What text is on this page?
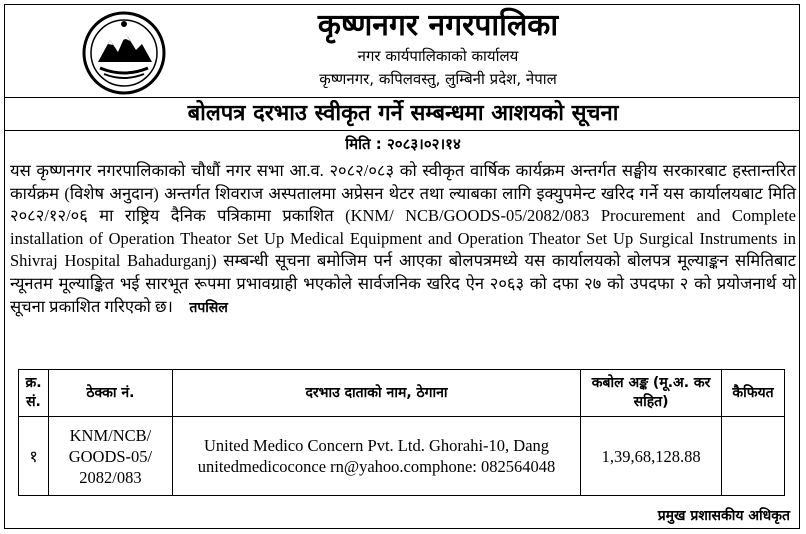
कृष्णनगर नगरपालिका
नगर कार्यपालिकाको कार्यालय
कृष्णनगर, कपिलवस्तु, लुम्बिनी प्रदेश, नेपाल
बोलपत्र दरभाउ स्वीकृत गर्ने सम्बन्धमा आशयको सूचना
मिति : २०८३।०२।१४
यस कृष्णनगर नगरपालिकाको चौधौं नगर सभा आ.व. २०८२/०८३ को स्वीकृत वार्षिक कार्यक्रम अन्तर्गत सङ्घीय सरकारबाट हस्तान्तरित कार्यक्रम (विशेष अनुदान) अन्तर्गत शिवराज अस्पतालमा अप्रेसन थेटर तथा ल्याबका लागि इक्युपमेन्ट खरिद गर्ने यस कार्यालयबाट मिति २०८२/१२/०६ मा राष्ट्रिय दैनिक पत्रिकामा प्रकाशित (KNM/ NCB/GOODS-05/2082/083 Procurement and Complete installation of Operation Theator Set Up Medical Equipment and Operation Theator Set Up Surgical Instruments in Shivraj Hospital Bahadurganj) सम्बन्धी सूचना बमोजिम पर्न आएका बोलपत्रमध्ये यस कार्यालयको बोलपत्र मूल्याङ्कन समितिबाट न्यूनतम मूल्याङ्कित भई सारभूत रूपमा प्रभावग्राही भएकोले सार्वजनिक खरिद ऐन २०६३ को दफा २७ को उपदफा २ को प्रयोजनार्थ यो सूचना प्रकाशित गरिएको छ। तपसिल
क्र. सं.	ठेक्का नं.	दरभाउ दाताको नाम, ठेगाना	कबोल अङ्क (मू.अ. कर सहित)	कैफियत
१	KNM/NCB/ GOODS-05/ 2082/083	United Medico Concern Pvt. Ltd. Ghorahi-10, Dang unitedmedicoconce rn@yahoo.comphone: 082564048	1,39,68,128.88	
प्रमुख प्रशासकीय अधिकृत
